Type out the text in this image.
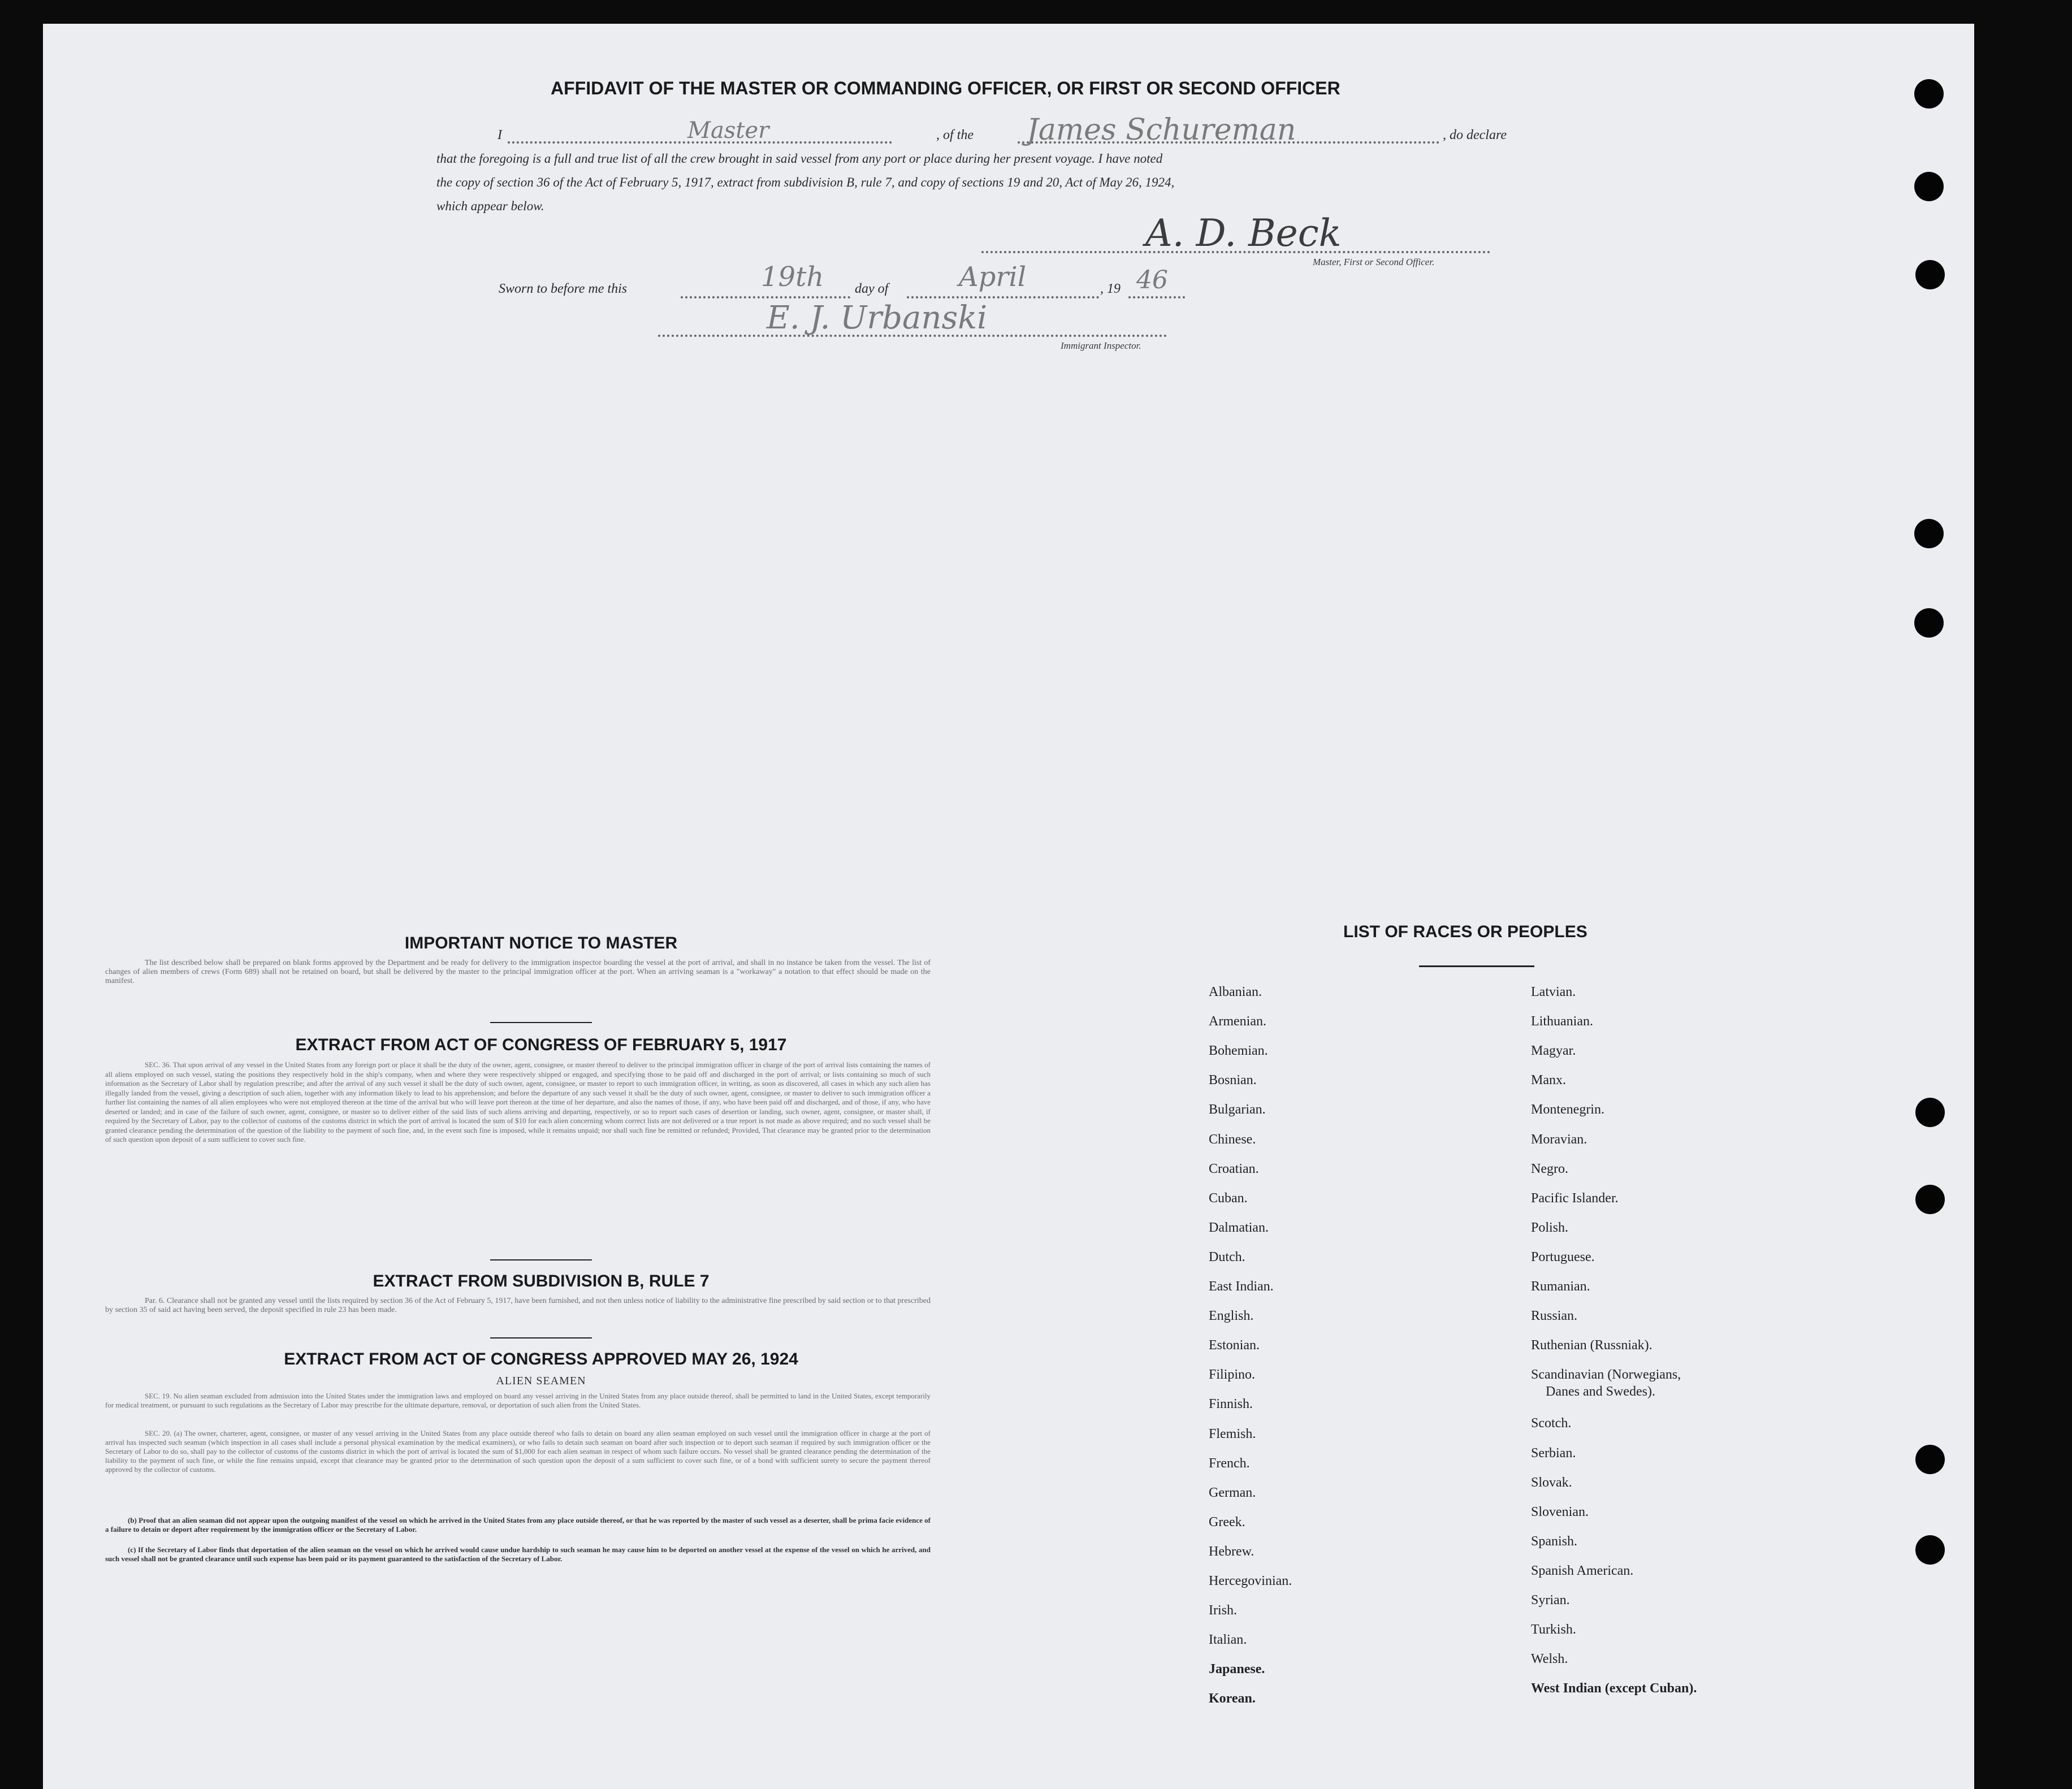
AFFIDAVIT OF THE MASTER OR COMMANDING OFFICER, OR FIRST OR SECOND OFFICER
I	Master	, of the James Schureman	, do declare
that the foregoing is a full and true list of all the crew brought in said vessel from any port or place during her present voyage. I have noted
the copy of section 36 of the Act of February 5, 1917, extract from subdivision B, rule 7, and copy of sections 19 and 20, Act of May 26, 1924,
which appear below.
A. D. Beck
Master, First or Second Officer.
Sworn to before me this	19th day of	April	, 19 46
E. J. Urbanski
Immigrant Inspector.
IMPORTANT NOTICE TO MASTER
The list described below shall be prepared on blank forms approved by the Department and be ready for delivery to the immigration inspector boarding the vessel at the port of arrival, and shall in no instance be taken from the vessel. The list of changes of alien members of crews (Form 689) shall not be retained on board, but shall be delivered by the master to the principal immigration officer at the port. When an arriving seaman is a "workaway" a notation to that effect should be made on the manifest.
EXTRACT FROM ACT OF CONGRESS OF FEBRUARY 5, 1917
SEC. 36. That upon arrival of any vessel in the United States from any foreign port or place it shall be the duty of the owner, agent, consignee, or master thereof to deliver to the principal immigration officer in charge of the port of arrival lists containing the names of all aliens employed on such vessel, stating the positions they respectively hold in the ship's company, when and where they were respectively shipped or engaged, and specifying those to be paid off and discharged in the port of arrival; or lists containing so much of such information as the Secretary of Labor shall by regulation prescribe; and after the arrival of any such vessel it shall be the duty of such owner, agent, consignee, or master to report to such immigration officer, in writing, as soon as discovered, all cases in which any such alien has illegally landed from the vessel, giving a description of such alien, together with any information likely to lead to his apprehension; and before the departure of any such vessel it shall be the duty of such owner, agent, consignee, or master to deliver to such immigration officer a further list containing the names of all alien employees who were not employed thereon at the time of the arrival but who will leave port thereon at the time of her departure, and also the names of those, if any, who have been paid off and discharged, and of those, if any, who have deserted or landed; and in case of the failure of such owner, agent, consignee, or master so to deliver either of the said lists of such aliens arriving and departing, respectively, or so to report such cases of desertion or landing, such owner, agent, consignee, or master shall, if required by the Secretary of Labor, pay to the collector of customs of the customs district in which the port of arrival is located the sum of $10 for each alien concerning whom correct lists are not delivered or a true report is not made as above required; and no such vessel shall be granted clearance pending the determination of the question of the liability to the payment of such fine, and, in the event such fine is imposed, while it remains unpaid; nor shall such fine be remitted or refunded; Provided, That clearance may be granted prior to the determination of such question upon deposit of a sum sufficient to cover such fine.
EXTRACT FROM SUBDIVISION B, RULE 7
Par. 6. Clearance shall not be granted any vessel until the lists required by section 36 of the Act of February 5, 1917, have been furnished, and not then unless notice of liability to the administrative fine prescribed by said section or to that prescribed by section 35 of said act having been served, the deposit specified in rule 23 has been made.
EXTRACT FROM ACT OF CONGRESS APPROVED MAY 26, 1924
ALIEN SEAMEN
SEC. 19. No alien seaman excluded from admission into the United States under the immigration laws and employed on board any vessel arriving in the United States from any place outside thereof, shall be permitted to land in the United States, except temporarily for medical treatment, or pursuant to such regulations as the Secretary of Labor may prescribe for the ultimate departure, removal, or deportation of such alien from the United States.
SEC. 20. (a) The owner, charterer, agent, consignee, or master of any vessel arriving in the United States from any place outside thereof who fails to detain on board any alien seaman employed on such vessel until the immigration officer in charge at the port of arrival has inspected such seaman (which inspection in all cases shall include a personal physical examination by the medical examiners), or who fails to detain such seaman on board after such inspection or to deport such seaman if required by such immigration officer or the Secretary of Labor to do so, shall pay to the collector of customs of the customs district in which the port of arrival is located the sum of $1,000 for each alien seaman in respect of whom such failure occurs. No vessel shall be granted clearance pending the determination of the liability to the payment of such fine, or while the fine remains unpaid, except that clearance may be granted prior to the determination of such question upon the deposit of a sum sufficient to cover such fine, or of a bond with sufficient surety to secure the payment thereof approved by the collector of customs.
(b) Proof that an alien seaman did not appear upon the outgoing manifest of the vessel on which he arrived in the United States from any place outside thereof, or that he was reported by the master of such vessel as a deserter, shall be prima facie evidence of a failure to detain or deport after requirement by the immigration officer or the Secretary of Labor.
(c) If the Secretary of Labor finds that deportation of the alien seaman on the vessel on which he arrived would cause undue hardship to such seaman he may cause him to be deported on another vessel at the expense of the vessel on which he arrived, and such vessel shall not be granted clearance until such expense has been paid or its payment guaranteed to the satisfaction of the Secretary of Labor.
LIST OF RACES OR PEOPLES
Albanian.
Armenian.
Bohemian.
Bosnian.
Bulgarian.
Chinese.
Croatian.
Cuban.
Dalmatian.
Dutch.
East Indian.
English.
Estonian.
Filipino.
Finnish.
Flemish.
French.
German.
Greek.
Hebrew.
Hercegovinian.
Irish.
Italian.
Japanese.
Korean.
Latvian.
Lithuanian.
Magyar.
Manx.
Montenegrin.
Moravian.
Negro.
Pacific Islander.
Polish.
Portuguese.
Rumanian.
Russian.
Ruthenian (Russniak).
Scandinavian (Norwegians,
Danes and Swedes).
Scotch.
Serbian.
Slovak.
Slovenian.
Spanish.
Spanish American.
Syrian.
Turkish.
Welsh.
West Indian (except Cuban).
